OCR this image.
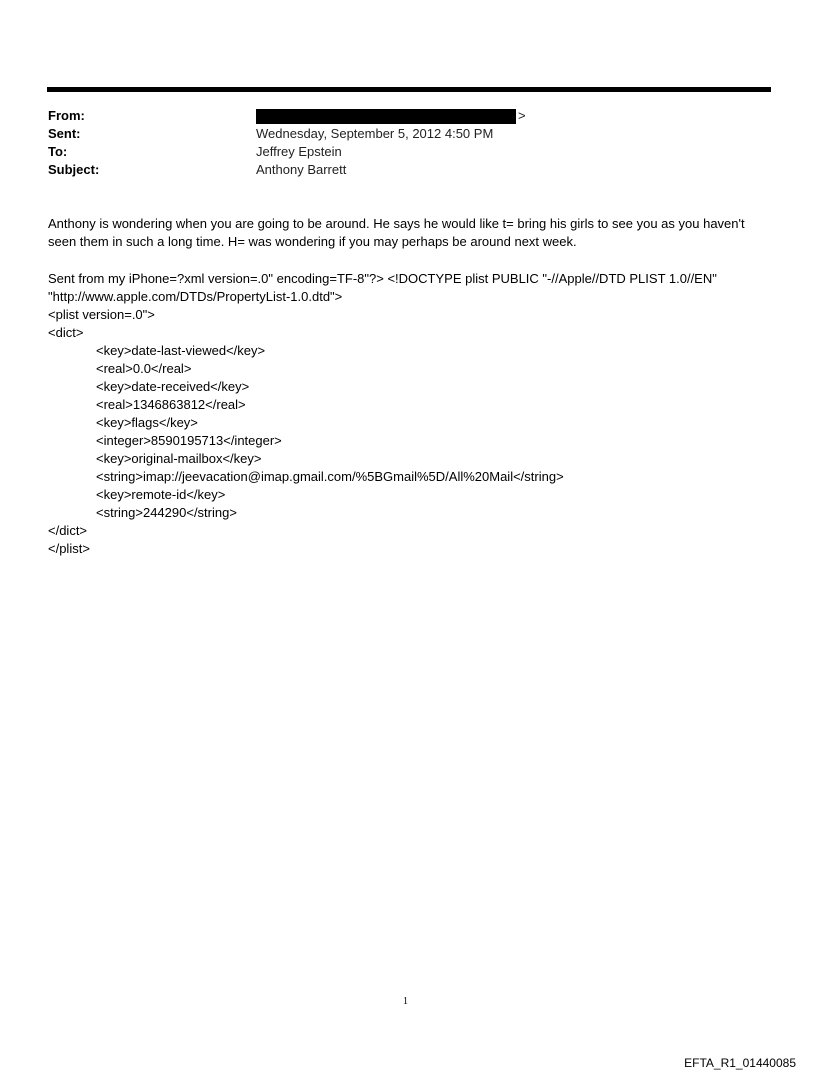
From:	>
Sent:	Wednesday, September 5, 2012 4:50 PM
To:	Jeffrey Epstein
Subject:	Anthony Barrett

Anthony is wondering when you are going to be around. He says he would like t= bring his girls to see you as you haven't seen them in such a long time. H= was wondering if you may perhaps be around next week.

Sent from my iPhone=?xml version=.0" encoding=TF-8"?> <!DOCTYPE plist PUBLIC "-//Apple//DTD PLIST 1.0//EN"
"http://www.apple.com/DTDs/PropertyList-1.0.dtd">
<plist version=.0">
<dict>
<key>date-last-viewed</key>
<real>0.0</real>
<key>date-received</key>
<real>1346863812</real>
<key>flags</key>
<integer>8590195713</integer>
<key>original-mailbox</key>
<string>imap://jeevacation@imap.gmail.com/%5BGmail%5D/All%20Mail</string>
<key>remote-id</key>
<string>244290</string>
</dict>
</plist>
1
EFTA_R1_01440085
